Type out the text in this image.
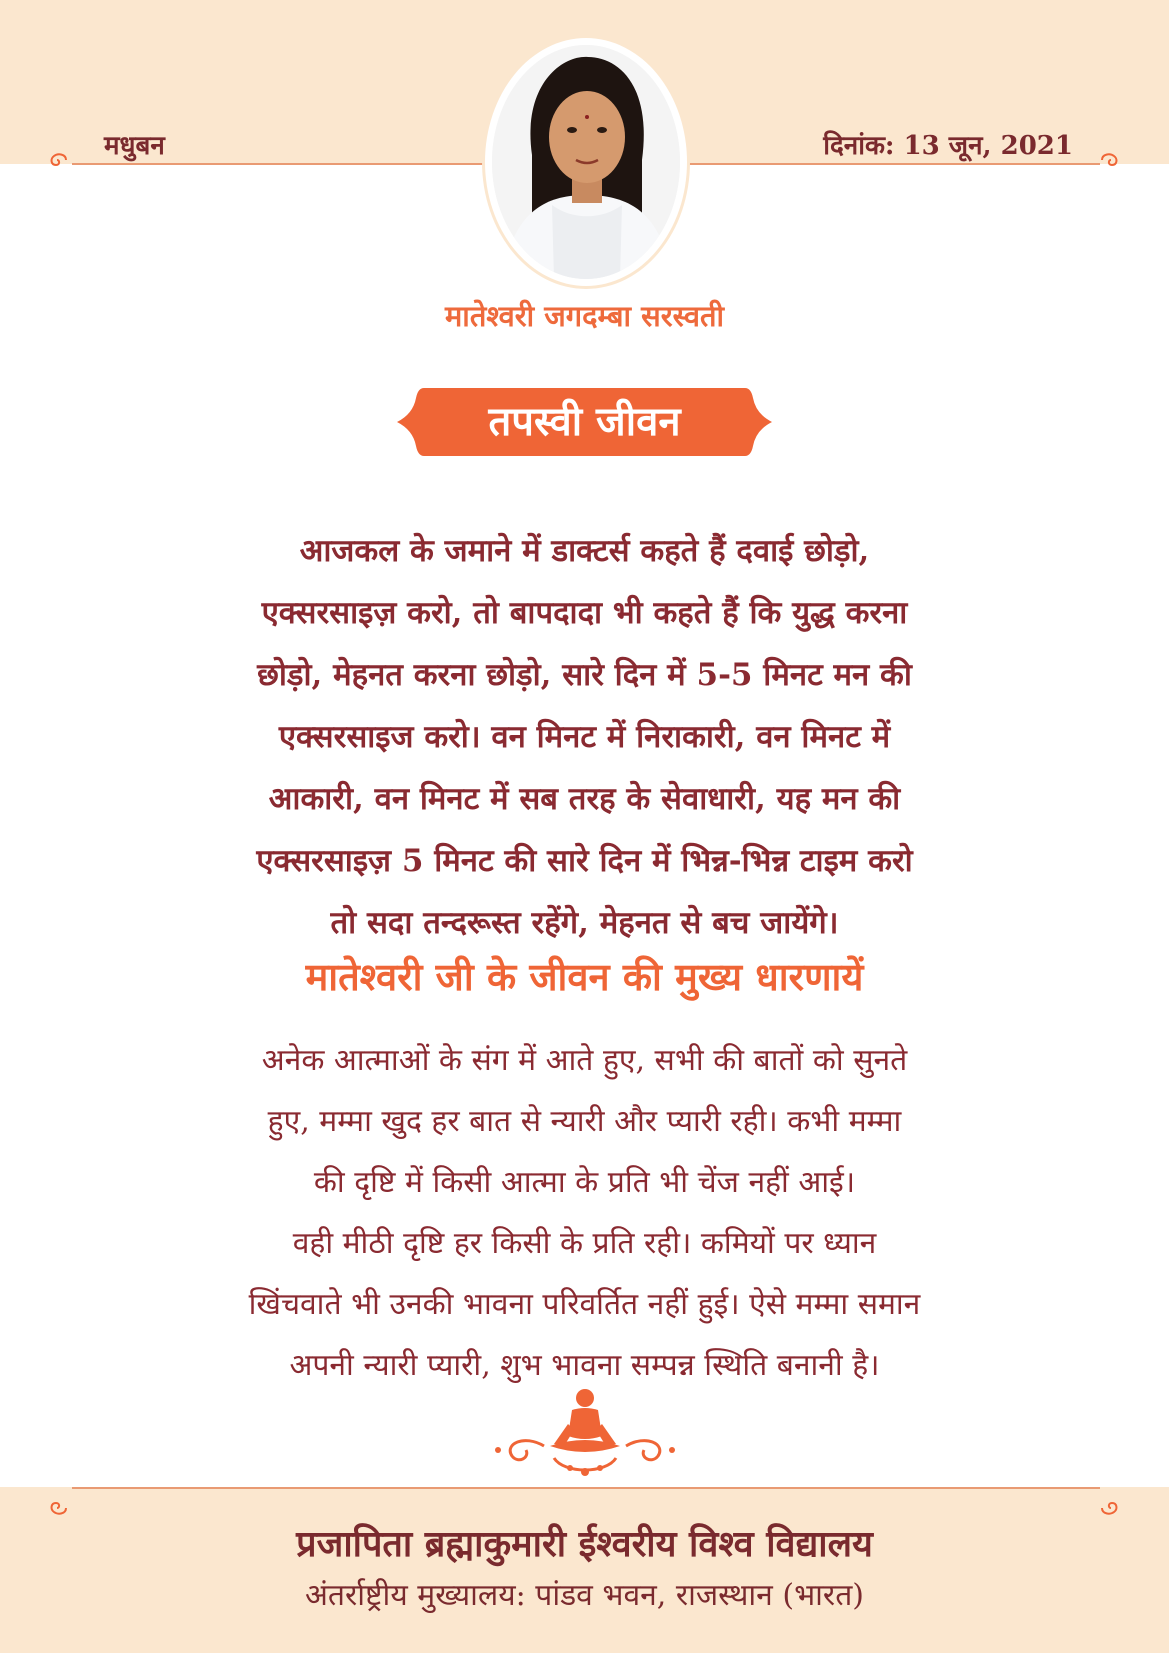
मधुबन	दिनांक: 13 जून, 2021
मातेश्वरी जगदम्बा सरस्वती
तपस्वी जीवन
आजकल के जमाने में डाक्टर्स कहते हैं दवाई छोड़ो,
एक्सरसाइज़ करो, तो बापदादा भी कहते हैं कि युद्ध करना
छोड़ो, मेहनत करना छोड़ो, सारे दिन में 5-5 मिनट मन की
एक्सरसाइज करो। वन मिनट में निराकारी, वन मिनट में
आकारी, वन मिनट में सब तरह के सेवाधारी, यह मन की
एक्सरसाइज़ 5 मिनट की सारे दिन में भिन्न-भिन्न टाइम करो
तो सदा तन्दरूस्त रहेंगे, मेहनत से बच जायेंगे।
मातेश्वरी जी के जीवन की मुख्य धारणायें
अनेक आत्माओं के संग में आते हुए, सभी की बातों को सुनते
हुए, मम्मा खुद हर बात से न्यारी और प्यारी रही। कभी मम्मा
की दृष्टि में किसी आत्मा के प्रति भी चेंज नहीं आई।
वही मीठी दृष्टि हर किसी के प्रति रही। कमियों पर ध्यान
खिंचवाते भी उनकी भावना परिवर्तित नहीं हुई। ऐसे मम्मा समान
अपनी न्यारी प्यारी, शुभ भावना सम्पन्न स्थिति बनानी है।
प्रजापिता ब्रह्माकुमारी ईश्वरीय विश्व विद्यालय
अंतर्राष्ट्रीय मुख्यालय: पांडव भवन, राजस्थान (भारत)
